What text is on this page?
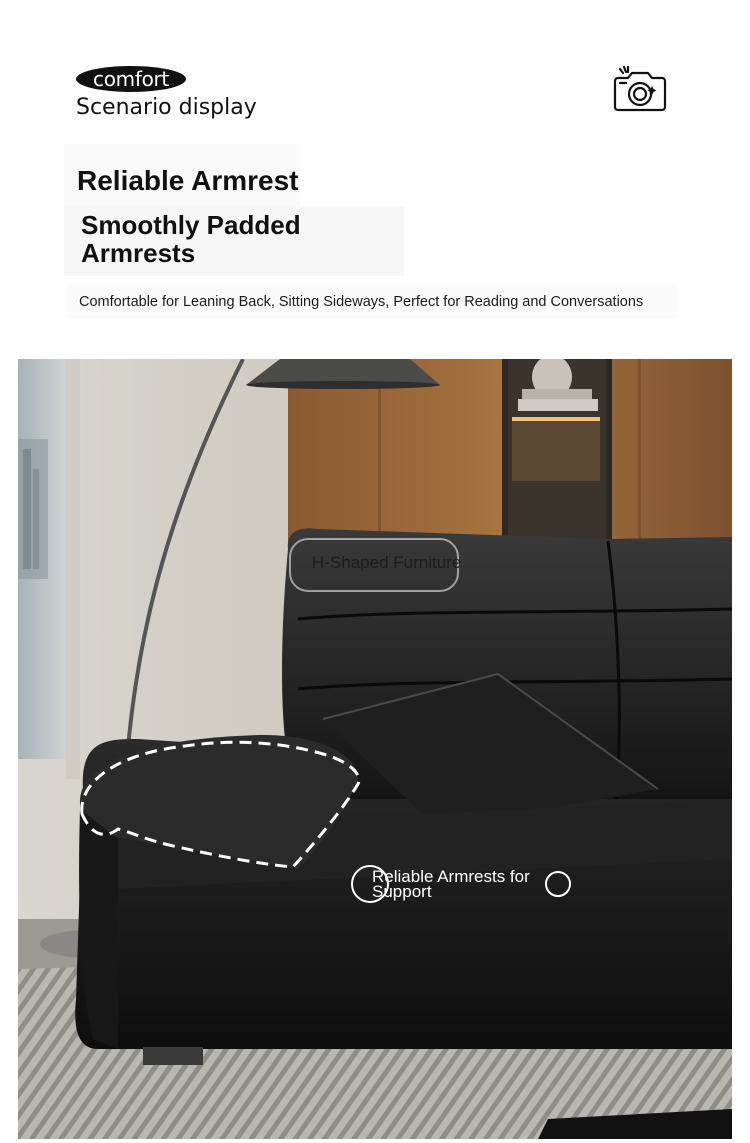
comfort
Scenario display
Reliable Armrest
Smoothly Padded Armrests
Comfortable for Leaning Back, Sitting Sideways, Perfect for Reading and Conversations
H-Shaped Furniture
Reliable Armrests for Support
